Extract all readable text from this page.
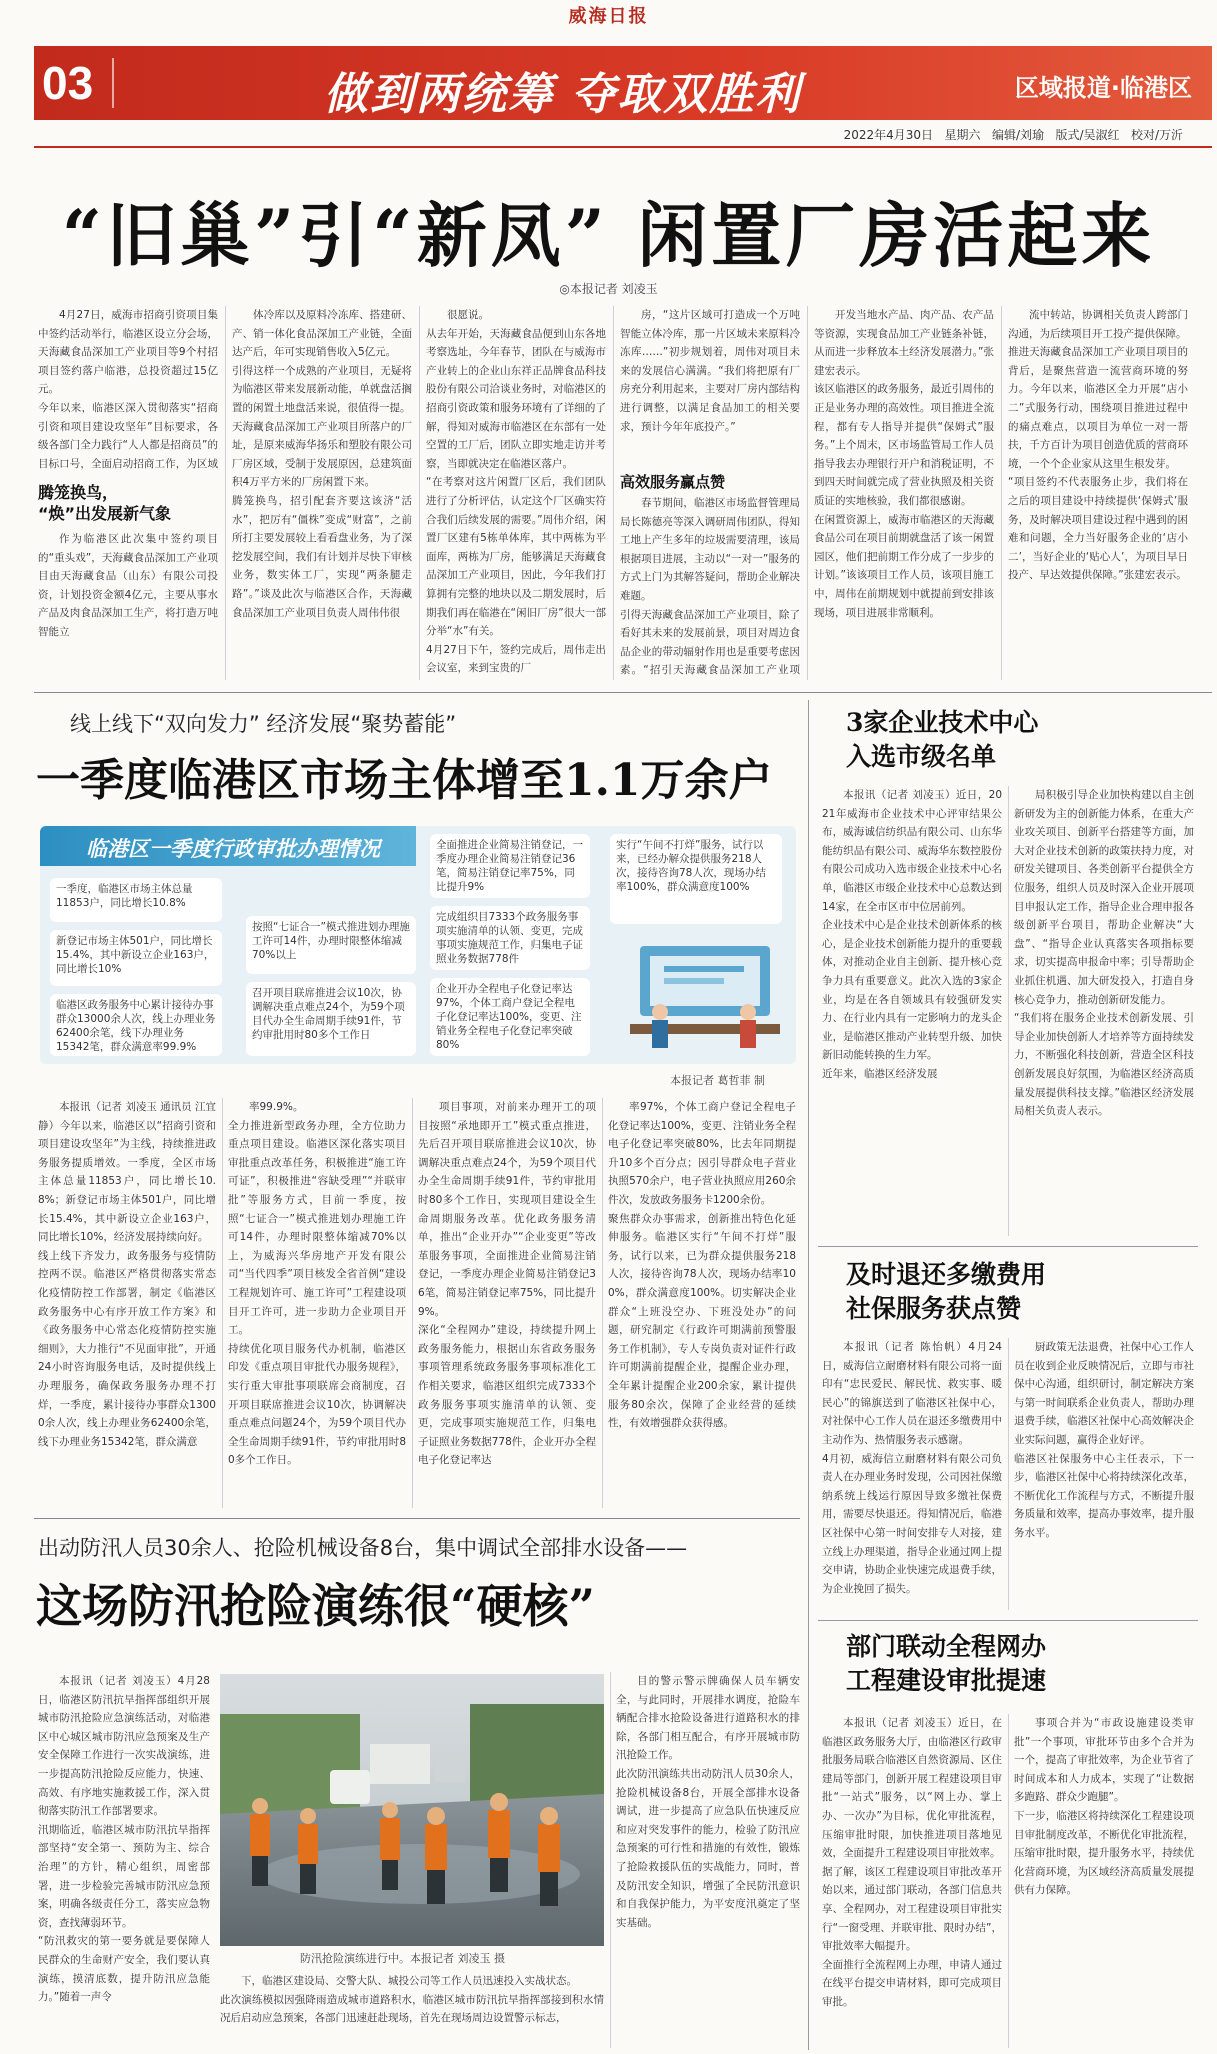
威海日报
03	做到两统筹 夺取双胜利	区域报道·临港区
2022年4月30日 星期六 编辑/刘瑜 版式/吴淑红 校对/万沂
“旧巢”引“新凤” 闲置厂房活起来
◎本报记者 刘凌玉

4月27日，威海市招商引资项目集中签约活动举行，临港区设立分会场，天海藏食品深加工产业项目等9个村招项目签约落户临港，总投资超过15亿元。
今年以来，临港区深入贯彻落实“招商引资和项目建设攻坚年”目标要求，各级各部门全力践行“人人都是招商员”的目标口号，全面启动招商工作，为区域

腾笼换鸟，
“焕”出发展新气象

作为临港区此次集中签约项目的“重头戏”，天海藏食品深加工产业项目由天海藏食品（山东）有限公司投资，计划投资金额4亿元，主要从事水产品及肉食品深加工生产，将打造万吨智能立

体冷库以及原料冷冻库、搭建研、产、销一体化食品深加工产业链，全面达产后，年可实现销售收入5亿元。
引得这样一个成熟的产业项目，无疑将为临港区带来发展新动能，单就盘活搁置的闲置土地盘活来说，很值得一提。
天海藏食品深加工产业项目所落户的厂址，是原来威海华扬乐和塑胶有限公司厂房区域，受制于发展原因，总建筑面积4万平方米的厂房闲置下来。
腾笼换鸟，招引配套齐要这该济“活水”，把厉有“僵株”变成“财富”，之前所打主要发展较上看看盘业务，为了深挖发展空间，我们有计划并尽快下审核业务，数实体工厂，实现“两条腿走路”。”谈及此次与临港区合作，天海藏食品深加工产业项目负责人周伟伟很

很愿说。
从去年开始，天海藏食品便到山东各地考察选址，今年春节，团队在与威海市产业转上的企业山东祥正品牌食品科技股份有限公司洽谈业务时，对临港区的招商引资政策和服务环境有了详细的了解，得知对威海市临港区在东部有一处空置的工厂后，团队立即实地走访并考察，当即就决定在临港区落户。
“在考察对这片闲置厂区后，我们团队进行了分析评估，认定这个厂区确实符合我们后续发展的需要。”周伟介绍，闲置厂区建有5栋单体库，其中两栋为平面库，两栋为厂房，能够满足天海藏食品深加工产业项目，因此，今年我们打算拥有完整的地块以及二期发展时，后期我们再在临港在“闲旧厂房”很大一部分举“水”有关。
4月27日下午，签约完成后，周伟走出会议室，来到宝贵的厂

房，“这片区域可打造成一个万吨智能立体冷库，那一片区域未来原料冷冻库……”初步规划着，周伟对项目未来的发展信心满满。“我们将把原有厂房充分利用起来，主要对厂房内部结构进行调整，以满足食品加工的相关要求，预计今年年底投产。”

高效服务赢点赞

春节期间，临港区市场监督管理局局长陈德亮等深入调研周伟团队，得知工地上产生多年的垃圾需要清理，该局根据项目进展，主动以“一对一”服务的方式上门为其解答疑问，帮助企业解决难题。
引得天海藏食品深加工产业项目，除了看好其未来的发展前景，项目对周边食品企业的带动辐射作用也是重要考虑因素。“招引天海藏食品深加工产业项

开发当地水产品、肉产品、农产品等资源，实现食品加工产业链条补链，从而进一步释放本土经济发展潜力。”张建宏表示。
该区临港区的政务服务，最近引周伟的正是业务办理的高效性。项目推进全流程，都有专人指导并提供“保姆式”服务。”上个周末，区市场监管局工作人员指导我去办理银行开户和消税证明，不到四天时间就完成了营业执照及相关资质证的实地核验，我们都很感谢。
在闲置资源上，威海市临港区的天海藏食品公司在项目前期就盘活了该一闲置园区，他们把前期工作分成了一步步的计划。”该该项目工作人员，该项目施工中，周伟在前期规划中就提前到安排该现场，项目进展非常顺利。

流中转站，协调相关负责人跨部门沟通，为后续项目开工投产提供保障。
推进天海藏食品深加工产业项目项目的背后，是聚焦营造一流营商环境的努力。今年以来，临港区全力开展“店小二”式服务行动，围绕项目推进过程中的痛点难点，以项目为单位一对一帮扶，千方百计为项目创造优质的营商环境，一个个企业家从这里生根发芽。
“项目签约不代表服务止步，我们将在之后的项目建设中持续提供‘保姆式’服务，及时解决项目建设过程中遇到的困难和问题，全力当好服务企业的‘店小二’，当好企业的‘贴心人’，为项目早日投产、早达效提供保障。”张建宏表示。

线上线下“双向发力” 经济发展“聚势蓄能”
一季度临港区市场主体增至1.1万余户
临港区一季度行政审批办理情况
一季度，临港区市场主体总量11853户，同比增长10.8%
新登记市场主体501户，同比增长15.4%，其中新设立企业163户，同比增长10%
临港区政务服务中心累计接待办事群众13000余人次，线上办理业务62400余笔，线下办理业务15342笔，群众满意率99.9%
按照“七证合一”模式推进划办理施工许可14件，办理时限整体缩减70%以上
召开项目联席推进会议10次，协调解决重点难点24个，为59个项目代办全生命周期手续91件，节约审批用时80多个工作日
全面推进企业简易注销登记，一季度办理企业简易注销登记36笔，简易注销登记率75%，同比提升9%
完成组织目7333个政务服务事项实施清单的认领、变更，完成事项实施规范工作，归集电子证照业务数据778件
企业开办全程电子化登记率达97%，个体工商户登记全程电子化登记率达100%，变更、注销业务全程电子化登记率突破80%
实行“午间不打烊”服务，试行以来，已经办解众提供服务218人次，接待咨询78人次，现场办结率100%，群众满意度100%
本报记者 葛哲菲 制

本报讯（记者 刘凌玉 通讯员 江宜静）今年以来，临港区以“招商引资和项目建设攻坚年”为主线，持续推进政务服务提质增效。一季度，全区市场主体总量11853户，同比增长10.8%；新登记市场主体501户，同比增长15.4%，其中新设立企业163户，同比增长10%，经济发展持续向好。
线上线下齐发力，政务服务与疫情防控两不误。临港区严格贯彻落实常态化疫情防控工作部署，制定《临港区政务服务中心有序开放工作方案》和《政务服务中心常态化疫情防控实施细则》，大力推行“不见面审批”，开通24小时咨询服务电话，及时提供线上办理服务，确保政务服务办理不打烊，一季度，累计接待办事群众13000余人次，线上办理业务62400余笔，线下办理业务15342笔，群众满意

率99.9%。
全力推进新型政务办理，全方位助力重点项目建设。临港区深化落实项目审批重点改革任务，积极推进“施工许可证”，积极推进“容缺受理”“并联审批”等服务方式，目前一季度，按照“七证合一”模式推进划办理施工许可14件，办理时限整体缩减70%以上，为威海兴华房地产开发有限公司“当代四季”项目核发全省首例“建设工程规划许可、施工许可”工程建设项目开工许可，进一步助力企业项目开工。
持续优化项目服务代办机制，临港区印发《重点项目审批代办服务规程》，实行重大审批事项联席会商制度，召开项目联席推进会议10次，协调解决重点难点问题24个，为59个项目代办全生命周期手续91件，节约审批用时80多个工作日。

项目事项，对前来办理开工的项目按照“承地即开工”模式重点推进，先后召开项目联席推进会议10次，协调解决重点难点24个，为59个项目代办全生命周期手续91件，节约审批用时80多个工作日，实现项目建设全生命周期服务改革。优化政务服务清单，推出“企业开办”“企业变更”等改革服务事项，全面推进企业简易注销登记，一季度办理企业简易注销登记36笔，简易注销登记率75%，同比提升9%。
深化“全程网办”建设，持续提升网上政务服务能力，根据山东省政务服务事项管理系统政务服务事项标准化工作相关要求，临港区组织完成7333个政务服务事项实施清单的认领、变更，完成事项实施规范工作，归集电子证照业务数据778件，企业开办全程电子化登记率达

率97%，个体工商户登记全程电子化登记率达100%，变更、注销业务全程电子化登记率突破80%，比去年同期提升10多个百分点；因引导群众电子营业执照570余户，电子营业执照应用260余件次，发放政务服务卡1200余份。
聚焦群众办事需求，创新推出特色化延伸服务。临港区实行“午间不打烊”服务，试行以来，已为群众提供服务218人次，接待咨询78人次，现场办结率100%，群众满意度100%。切实解决企业群众“上班没空办、下班没处办”的问题，研究制定《行政许可期满前预警服务工作机制》，专人专岗负责对证件行政许可期满前提醒企业，提醒企业办理，全年累计提醒企业200余家，累计提供服务80余次，保障了企业经营的延续性，有效增强群众获得感。

3家企业技术中心
入选市级名单

本报讯（记者 刘凌玉）近日，2021年威海市企业技术中心评审结果公布，威海诚信纺织品有限公司、山东华能纺织品有限公司、威海华东数控股份有限公司成功入选市级企业技术中心名单，临港区市级企业技术中心总数达到14家，在全市区市中位居前列。
企业技术中心是企业技术创新体系的核心，是企业技术创新能力提升的重要载体，对推动企业自主创新、提升核心竞争力具有重要意义。此次入选的3家企业，均是在各自领域具有较强研发实力、在行业内具有一定影响力的龙头企业，是临港区推动产业转型升级、加快新旧动能转换的生力军。
近年来，临港区经济发展

局积极引导企业加快构建以自主创新研发为主的创新能力体系，在重大产业攻关项目、创新平台搭建等方面，加大对企业技术创新的政策扶持力度，对研发关键项目、各类创新平台提供全方位服务，组织人员及时深入企业开展项目申报认定工作，指导企业合理申报各级创新平台项目，帮助企业解决“大盘”、“指导企业认真落实各项指标要求，切实提高申报命中率；引导帮助企业抓住机遇、加大研发投入，打造自身核心竞争力，推动创新研发能力。
“我们将在服务企业技术创新发展、引导企业加快创新人才培养等方面持续发力，不断强化科技创新，营造全区科技创新发展良好氛围，为临港区经济高质量发展提供科技支撑。”临港区经济发展局相关负责人表示。

及时退还多缴费用
社保服务获点赞

本报讯（记者 陈怡帆）4月24日，威海信立耐磨材料有限公司将一面印有“忠民爱民、解民忧、救实事、暖民心”的锦旗送到了临港区社保中心，对社保中心工作人员在退还多缴费用中主动作为、热情服务表示感谢。
4月初，威海信立耐磨材料有限公司负责人在办理业务时发现，公司因社保缴纳系统上线运行原因导致多缴社保费用，需要尽快退还。得知情况后，临港区社保中心第一时间安排专人对接，建立线上办理渠道，指导企业通过网上提交申请，协助企业快速完成退费手续，为企业挽回了损失。

厨政策无法退费，社保中心工作人员在收到企业反映情况后，立即与市社保中心沟通，组织研讨，制定解决方案与第一时间联系企业负责人，帮助办理退费手续，临港区社保中心高效解决企业实际问题，赢得企业好评。
临港区社保服务中心主任表示，下一步，临港区社保中心将持续深化改革，不断优化工作流程与方式，不断提升服务质量和效率，提高办事效率，提升服务水平。

部门联动全程网办
工程建设审批提速

本报讯（记者 刘凌玉）近日，在临港区政务服务大厅，由临港区行政审批服务局联合临港区自然资源局、区住建局等部门，创新开展工程建设项目审批“一站式”服务，以“网上办、掌上办、一次办”为目标，优化审批流程，压缩审批时限，加快推进项目落地见效，全面提升工程建设项目审批效率。
据了解，该区工程建设项目审批改革开始以来，通过部门联动，各部门信息共享、全程网办，对工程建设项目审批实行“一窗受理、并联审批、限时办结”，审批效率大幅提升。
全面推行全流程网上办理，申请人通过在线平台提交申请材料，即可完成项目审批。

事项合并为“市政设施建设类审批”一个事项，审批环节由多个合并为一个，提高了审批效率，为企业节省了时间成本和人力成本，实现了“让数据多跑路、群众少跑腿”。
下一步，临港区将持续深化工程建设项目审批制度改革，不断优化审批流程，压缩审批时限，提升服务水平，持续优化营商环境，为区域经济高质量发展提供有力保障。

出动防汛人员30余人、抢险机械设备8台，集中调试全部排水设备——
这场防汛抢险演练很“硬核”

本报讯（记者 刘凌玉）4月28日，临港区防汛抗旱指挥部组织开展城市防汛抢险应急演练活动，对临港区中心城区城市防汛应急预案及生产安全保障工作进行一次实战演练，进一步提高防汛抢险反应能力，快速、高效、有序地实施救援工作，深入贯彻落实防汛工作部署要求。
汛期临近，临港区城市防汛抗旱指挥部坚持“安全第一、预防为主、综合治理”的方针，精心组织，周密部署，进一步检验完善城市防汛应急预案，明确各级责任分工，落实应急物资，查找薄弱环节。
“防汛救灾的第一要务就是要保障人民群众的生命财产安全，我们要认真演练，摸清底数，提升防汛应急能力。”随着一声令

防汛抢险演练进行中。本报记者 刘凌玉 摄

下，临港区建设局、交警大队、城投公司等工作人员迅速投入实战状态。
此次演练模拟因强降雨造成城市道路积水，临港区城市防汛抗旱指挥部接到积水情况后启动应急预案，各部门迅速赶赴现场，首先在现场周边设置警示标志，

目的警示警示牌确保人员车辆安全，与此同时，开展排水调度，抢险车辆配合排水抢险设备进行道路积水的排除，各部门相互配合，有序开展城市防汛抢险工作。
此次防汛演练共出动防汛人员30余人，抢险机械设备8台，开展全部排水设备调试，进一步提高了应急队伍快速反应和应对突发事件的能力，检验了防汛应急预案的可行性和措施的有效性，锻炼了抢险救援队伍的实战能力，同时，普及防汛安全知识，增强了全民防汛意识和自我保护能力，为平安度汛奠定了坚实基础。
